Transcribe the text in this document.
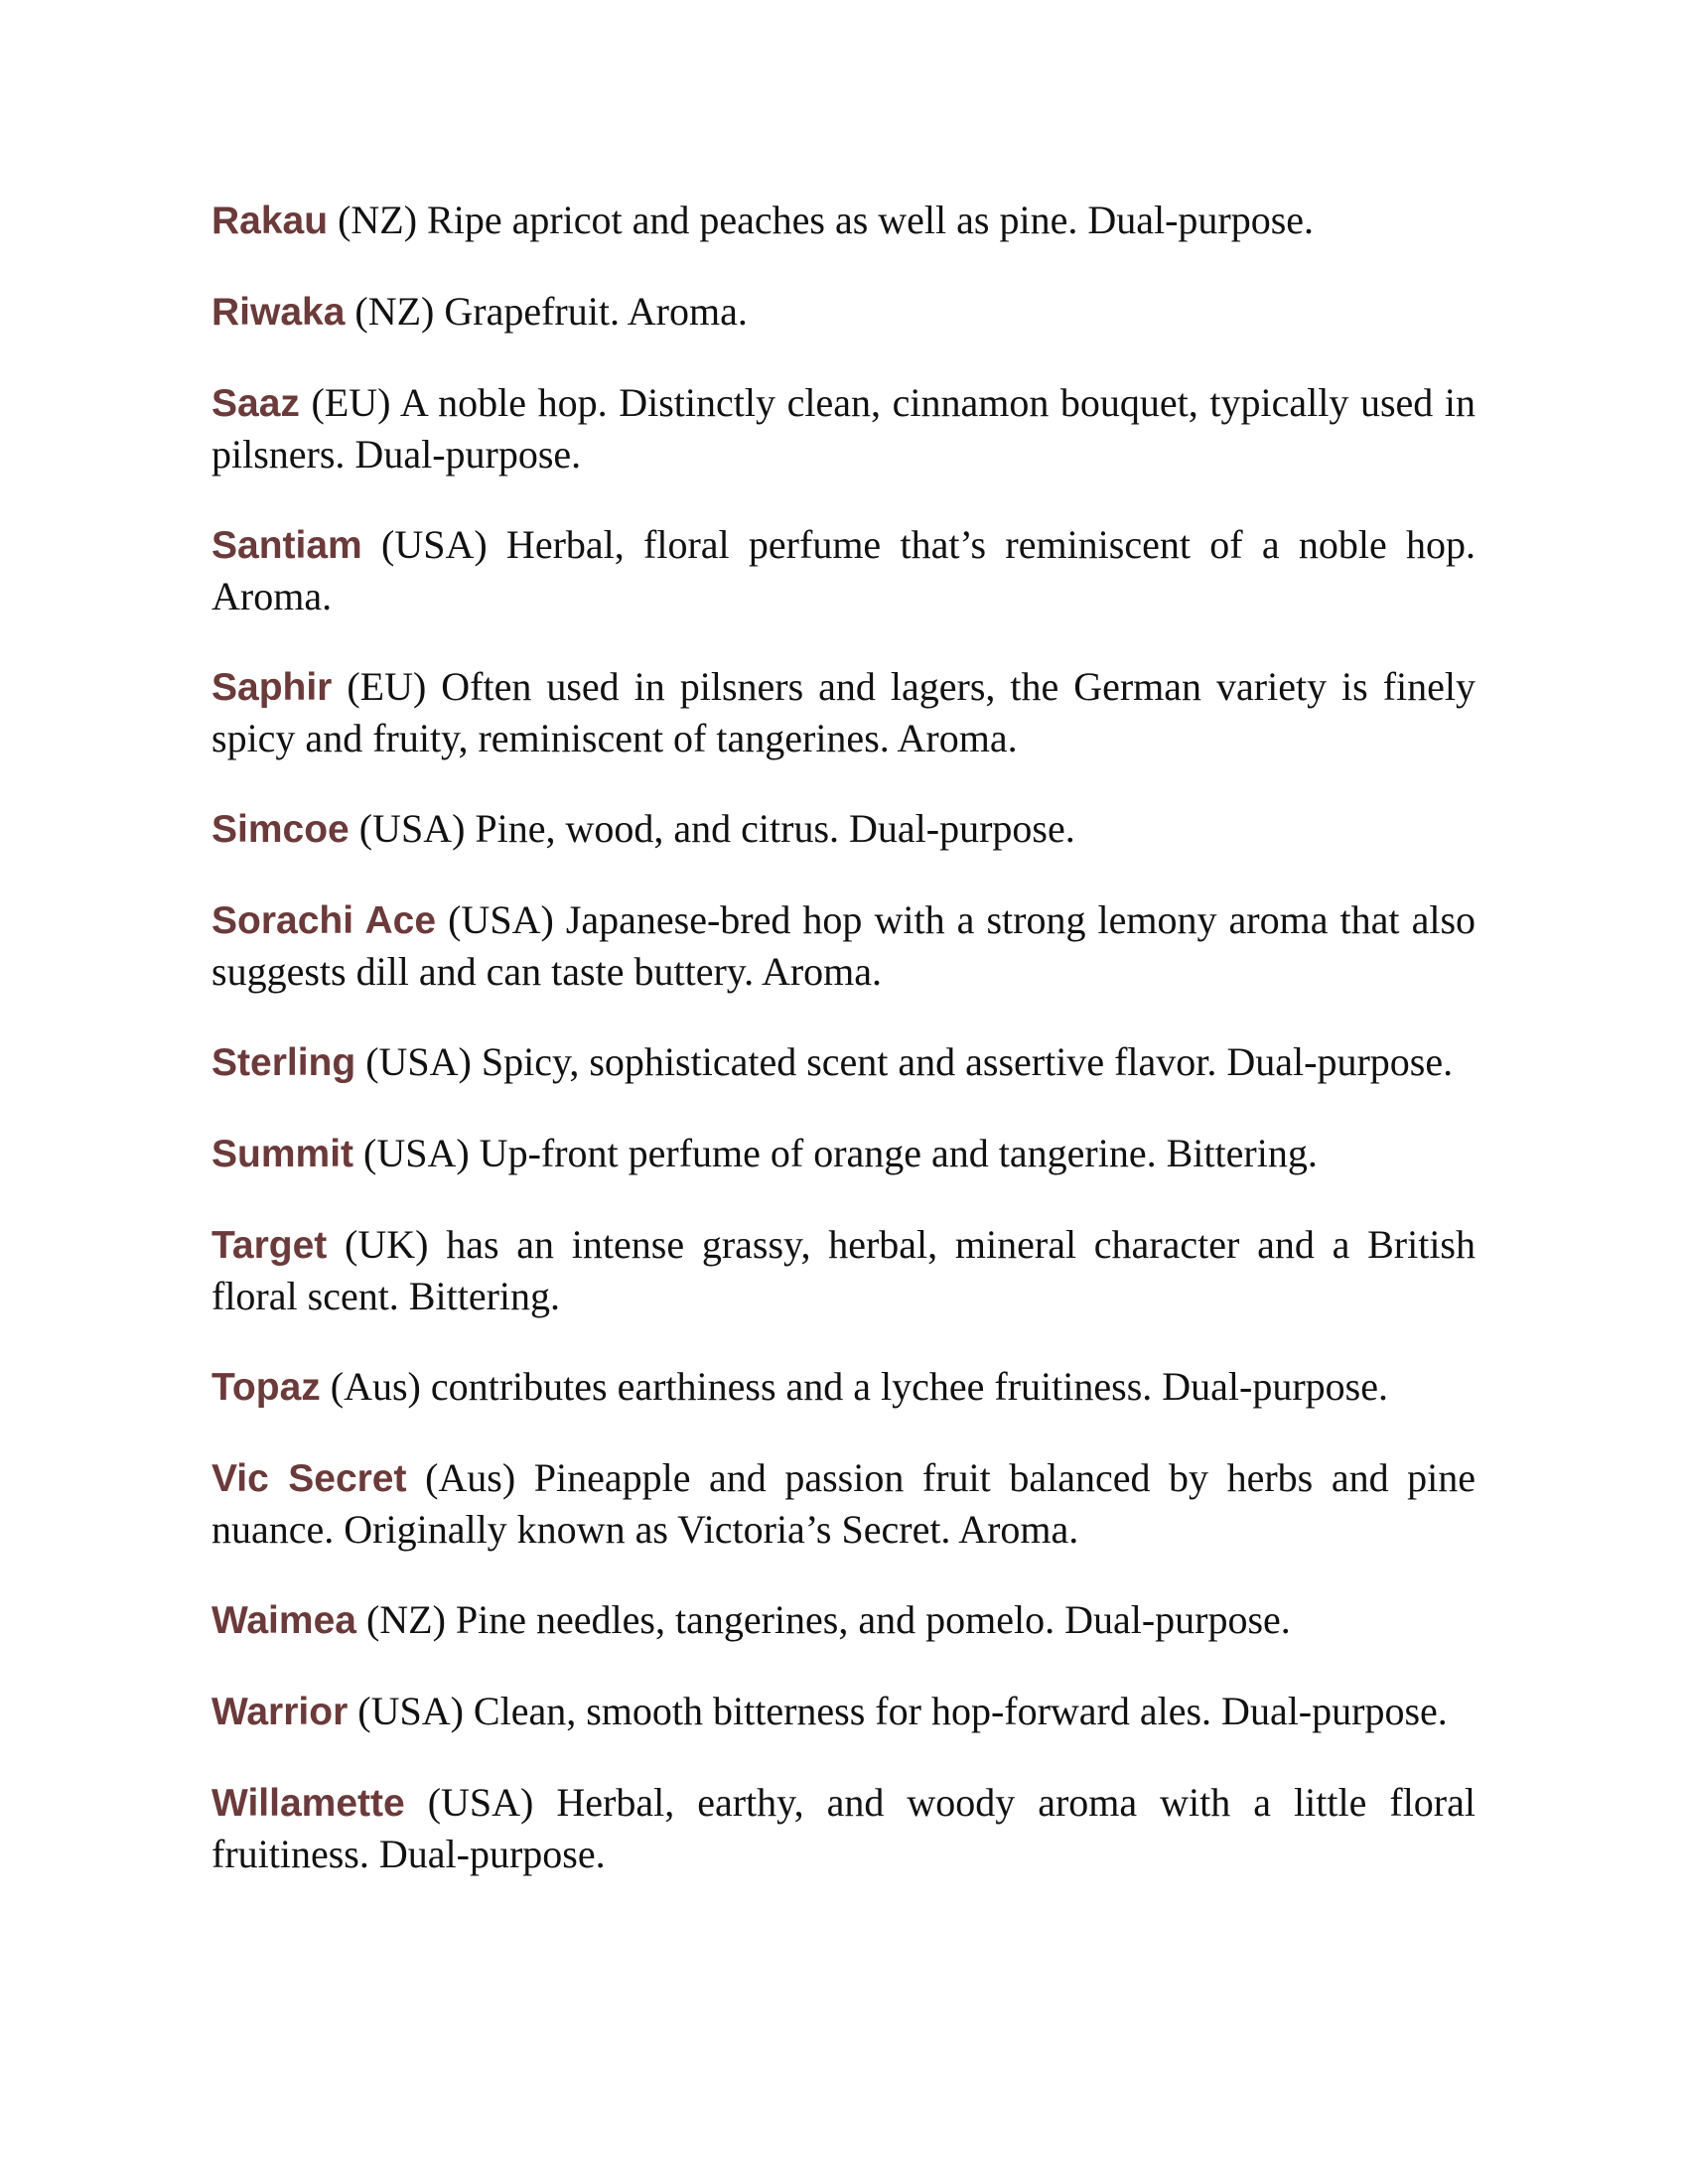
Rakau (NZ) Ripe apricot and peaches as well as pine. Dual-purpose.

Riwaka (NZ) Grapefruit. Aroma.

Saaz (EU) A noble hop. Distinctly clean, cinnamon bouquet, typically used in pilsners. Dual-purpose.

Santiam (USA) Herbal, floral perfume that’s reminiscent of a noble hop. Aroma.

Saphir (EU) Often used in pilsners and lagers, the German variety is finely spicy and fruity, reminiscent of tangerines. Aroma.

Simcoe (USA) Pine, wood, and citrus. Dual-purpose.

Sorachi Ace (USA) Japanese-bred hop with a strong lemony aroma that also suggests dill and can taste buttery. Aroma.

Sterling (USA) Spicy, sophisticated scent and assertive flavor. Dual-purpose.

Summit (USA) Up-front perfume of orange and tangerine. Bittering.

Target (UK) has an intense grassy, herbal, mineral character and a British floral scent. Bittering.

Topaz (Aus) contributes earthiness and a lychee fruitiness. Dual-purpose.

Vic Secret (Aus) Pineapple and passion fruit balanced by herbs and pine nuance. Originally known as Victoria’s Secret. Aroma.

Waimea (NZ) Pine needles, tangerines, and pomelo. Dual-purpose.

Warrior (USA) Clean, smooth bitterness for hop-forward ales. Dual-purpose.

Willamette (USA) Herbal, earthy, and woody aroma with a little floral fruitiness. Dual-purpose.
